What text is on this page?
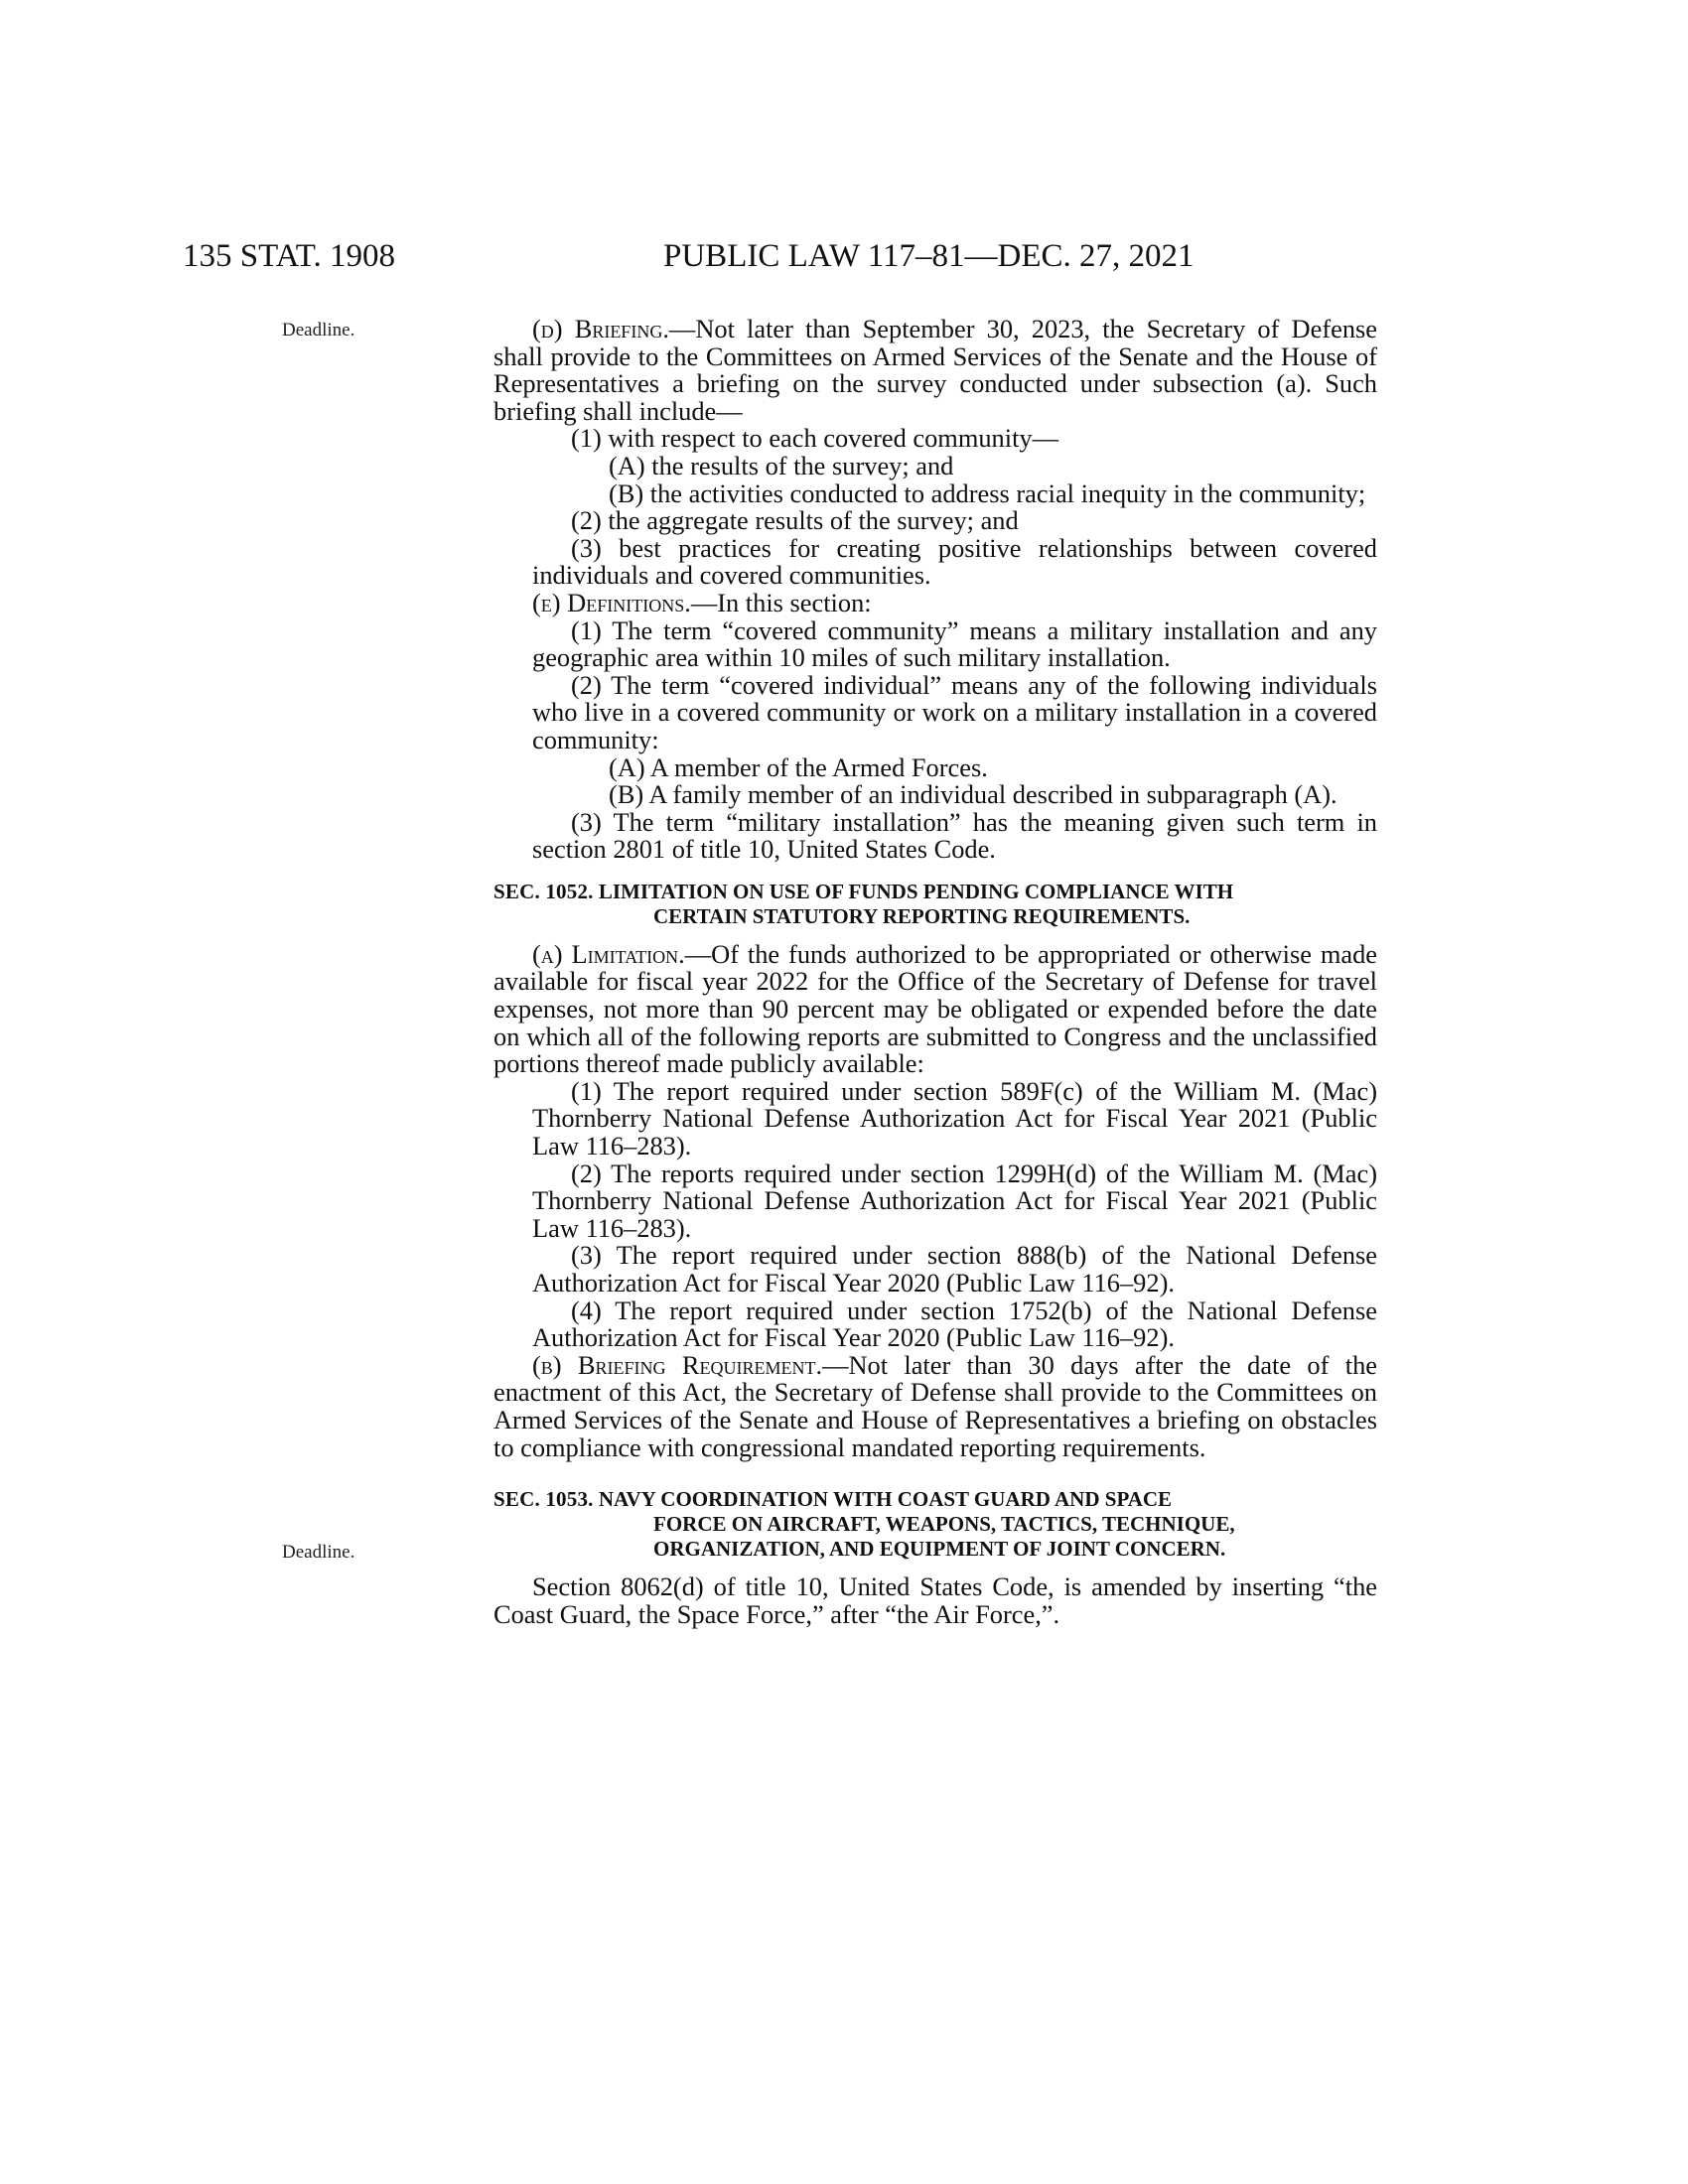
135 STAT. 1908	PUBLIC LAW 117–81—DEC. 27, 2021
Deadline.
Deadline.

(d) Briefing.—Not later than September 30, 2023, the Secretary of Defense shall provide to the Committees on Armed Services of the Senate and the House of Representatives a briefing on the survey conducted under subsection (a). Such briefing shall include—

(1) with respect to each covered community—

(A) the results of the survey; and

(B) the activities conducted to address racial inequity in the community;

(2) the aggregate results of the survey; and

(3) best practices for creating positive relationships between covered individuals and covered communities.

(e) Definitions.—In this section:

(1) The term “covered community” means a military installation and any geographic area within 10 miles of such military installation.

(2) The term “covered individual” means any of the following individuals who live in a covered community or work on a military installation in a covered community:

(A) A member of the Armed Forces.

(B) A family member of an individual described in subparagraph (A).

(3) The term “military installation” has the meaning given such term in section 2801 of title 10, United States Code.

SEC. 1052. LIMITATION ON USE OF FUNDS PENDING COMPLIANCE WITH
CERTAIN STATUTORY REPORTING REQUIREMENTS.

(a) Limitation.—Of the funds authorized to be appropriated or otherwise made available for fiscal year 2022 for the Office of the Secretary of Defense for travel expenses, not more than 90 percent may be obligated or expended before the date on which all of the following reports are submitted to Congress and the unclassified portions thereof made publicly available:

(1) The report required under section 589F(c) of the William M. (Mac) Thornberry National Defense Authorization Act for Fiscal Year 2021 (Public Law 116–283).

(2) The reports required under section 1299H(d) of the William M. (Mac) Thornberry National Defense Authorization Act for Fiscal Year 2021 (Public Law 116–283).

(3) The report required under section 888(b) of the National Defense Authorization Act for Fiscal Year 2020 (Public Law 116–92).

(4) The report required under section 1752(b) of the National Defense Authorization Act for Fiscal Year 2020 (Public Law 116–92).

(b) Briefing Requirement.—Not later than 30 days after the date of the enactment of this Act, the Secretary of Defense shall provide to the Committees on Armed Services of the Senate and House of Representatives a briefing on obstacles to compliance with congressional mandated reporting requirements.

SEC. 1053. NAVY COORDINATION WITH COAST GUARD AND SPACE
FORCE ON AIRCRAFT, WEAPONS, TACTICS, TECHNIQUE,
ORGANIZATION, AND EQUIPMENT OF JOINT CONCERN.

Section 8062(d) of title 10, United States Code, is amended by inserting “the Coast Guard, the Space Force,” after “the Air Force,”.
